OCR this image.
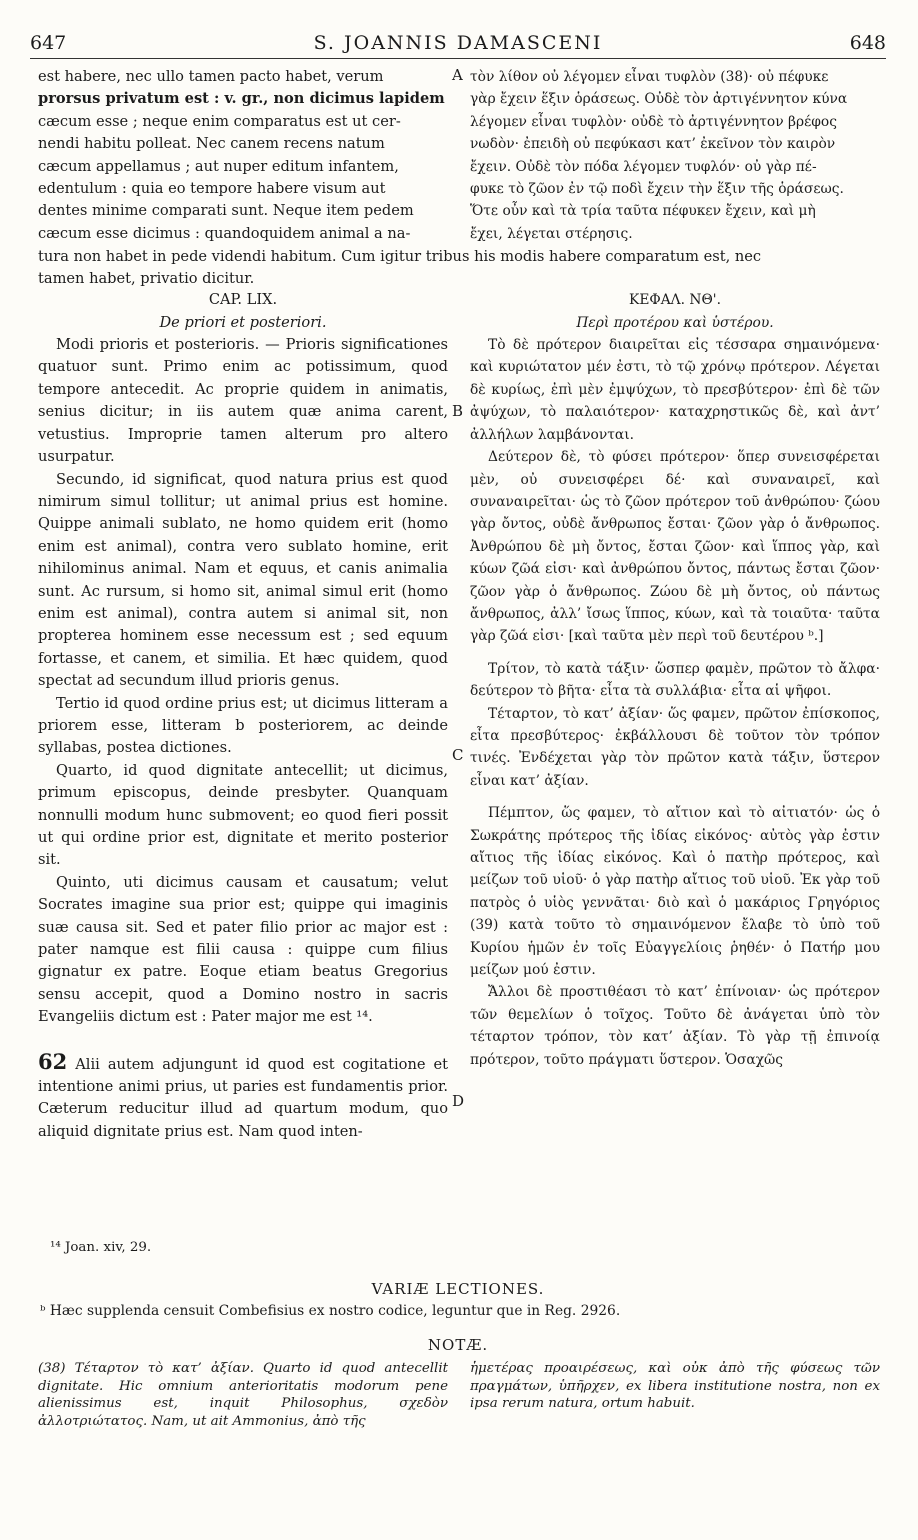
647	S. JOANNIS DAMASCENI	648

est habere, nec ullo tamen pacto habet, verum

prorsus privatum est : v. gr., non dicimus lapidem

cæcum esse ; neque enim comparatus est ut cer-

nendi habitu polleat. Nec canem recens natum

cæcum appellamus ; aut nuper editum infantem,

edentulum : quia eo tempore habere visum aut

dentes minime comparati sunt. Neque item pedem

cæcum esse dicimus : quandoquidem animal a na-

CAP. LIX.

De priori et posteriori.

Modi prioris et posterioris. — Prioris significationes quatuor sunt. Primo enim ac potissimum, quod tempore antecedit. Ac proprie quidem in animatis, senius dicitur; in iis autem quæ anima carent, vetustius. Improprie tamen alterum pro altero usurpatur.

Secundo, id significat, quod natura prius est quod nimirum simul tollitur; ut animal prius est homine. Quippe animali sublato, ne homo quidem erit (homo enim est animal), contra vero sublato homine, erit nihilominus animal. Nam et equus, et canis animalia sunt. Ac rursum, si homo sit, animal simul erit (homo enim est animal), contra autem si animal sit, non propterea hominem esse necessum est ; sed equum fortasse, et canem, et similia. Et hæc quidem, quod spectat ad secundum illud prioris genus.

Tertio id quod ordine prius est; ut dicimus litteram a priorem esse, litteram b posteriorem, ac deinde syllabas, postea dictiones.

Quarto, id quod dignitate antecellit; ut dicimus, primum episcopus, deinde presbyter. Quanquam nonnulli modum hunc submovent; eo quod fieri possit ut qui ordine prior est, dignitate et merito posterior sit.

Quinto, uti dicimus causam et causatum; velut Socrates imagine sua prior est; quippe qui imaginis suæ causa sit. Sed et pater filio prior ac major est : pater namque est filii causa : quippe cum filius gignatur ex patre. Eoque etiam beatus Gregorius sensu accepit, quod a Domino nostro in sacris Evangeliis dictum est : Pater major me est ¹⁴.

62 Alii autem adjungunt id quod est cogitatione et intentione animi prius, ut paries est fundamentis prior. Cæterum reducitur illud ad quartum modum, quo aliquid dignitate prius est. Nam quod inten-

τὸν λίθον οὐ λέγομεν εἶναι τυφλὸν (38)· οὐ πέφυκε

γὰρ ἔχειν ἕξιν ὁράσεως. Οὐδὲ τὸν ἀρτιγέννητον κύνα

λέγομεν εἶναι τυφλὸν· οὐδὲ τὸ ἀρτιγέννητον βρέφος

νωδὸν· ἐπειδὴ οὐ πεφύκασι κατ’ ἐκεῖνον τὸν καιρὸν

ἔχειν. Οὐδὲ τὸν πόδα λέγομεν τυφλόν· οὐ γὰρ πέ-

φυκε τὸ ζῶον ἐν τῷ ποδὶ ἔχειν τὴν ἕξιν τῆς ὁράσεως.

Ὅτε οὖν καὶ τὰ τρία ταῦτα πέφυκεν ἔχειν, καὶ μὴ

ἔχει, λέγεται στέρησις.

ΚΕΦΑΛ. ΝΘ'.

Περὶ προτέρου καὶ ὑστέρου.

Τὸ δὲ πρότερον διαιρεῖται εἰς τέσσαρα σημαινόμενα· καὶ κυριώτατον μέν ἐστι, τὸ τῷ χρόνῳ πρότερον. Λέγεται δὲ κυρίως, ἐπὶ μὲν ἐμψύχων, τὸ πρεσβύτερον· ἐπὶ δὲ τῶν ἀψύχων, τὸ παλαιότερον· καταχρηστικῶς δὲ, καὶ ἀντ’ ἀλλήλων λαμβάνονται.

Δεύτερον δὲ, τὸ φύσει πρότερον· ὅπερ συνεισφέρεται μὲν, οὐ συνεισφέρει δέ· καὶ συναναιρεῖ, καὶ συναναιρεῖται· ὡς τὸ ζῶον πρότερον τοῦ ἀνθρώπου· ζώου γὰρ ὄντος, οὐδὲ ἄνθρωπος ἔσται· ζῶον γὰρ ὁ ἄνθρωπος. Ἀνθρώπου δὲ μὴ ὄντος, ἔσται ζῶον· καὶ ἵππος γὰρ, καὶ κύων ζῶά εἰσι· καὶ ἀνθρώπου ὄντος, πάντως ἔσται ζῶον· ζῶον γὰρ ὁ ἄνθρωπος. Ζώου δὲ μὴ ὄντος, οὐ πάντως ἄνθρωπος, ἀλλ’ ἴσως ἵππος, κύων, καὶ τὰ τοιαῦτα· ταῦτα γὰρ ζῶά εἰσι· [καὶ ταῦτα μὲν περὶ τοῦ δευτέρου ᵇ.]

Τρίτον, τὸ κατὰ τάξιν· ὥσπερ φαμὲν, πρῶτον τὸ ἄλφα· δεύτερον τὸ βῆτα· εἶτα τὰ συλλάβια· εἶτα αἱ ψῆφοι.

Τέταρτον, τὸ κατ’ ἀξίαν· ὥς φαμεν, πρῶτον ἐπίσκοπος, εἶτα πρεσβύτερος· ἐκβάλλουσι δὲ τοῦτον τὸν τρόπον τινές. Ἐνδέχεται γὰρ τὸν πρῶτον κατὰ τάξιν, ὕστερον εἶναι κατ’ ἀξίαν.

Πέμπτον, ὥς φαμεν, τὸ αἴτιον καὶ τὸ αἰτιατόν· ὡς ὁ Σωκράτης πρότερος τῆς ἰδίας εἰκόνος· αὐτὸς γὰρ ἐστιν αἴτιος τῆς ἰδίας εἰκόνος. Καὶ ὁ πατὴρ πρότερος, καὶ μείζων τοῦ υἱοῦ· ὁ γὰρ πατὴρ αἴτιος τοῦ υἱοῦ. Ἐκ γὰρ τοῦ πατρὸς ὁ υἱὸς γεννᾶται· διὸ καὶ ὁ μακάριος Γρηγόριος (39) κατὰ τοῦτο τὸ σημαινόμενον ἔλαβε τὸ ὑπὸ τοῦ Κυρίου ἡμῶν ἐν τοῖς Εὐαγγελίοις ῥηθέν· ὁ Πατήρ μου μείζων μού ἐστιν.

Ἄλλοι δὲ προστιθέασι τὸ κατ’ ἐπίνοιαν· ὡς πρότερον τῶν θεμελίων ὁ τοῖχος. Τοῦτο δὲ ἀνάγεται ὑπὸ τὸν τέταρτον τρόπον, τὸν κατ’ ἀξίαν. Τὸ γὰρ τῇ ἐπινοίᾳ πρότερον, τοῦτο πράγματι ὕστερον. Ὁσαχῶς

tura non habet in pede videndi habitum. Cum igitur tribus his modis habere comparatum est, nec
tamen habet, privatio dicitur.
A
B
C
D
¹⁴ Joan. xiv, 29.
VARIÆ LECTIONES.
ᵇ Hæc supplenda censuit Combefisius ex nostro codice, leguntur que in Reg. 2926.
NOTÆ.
(38) Τέταρτον τὸ κατ’ ἀξίαν. Quarto id quod antecellit dignitate. Hic omnium anterioritatis modorum pene alienissimus est, inquit Philosophus, σχεδὸν ἀλλοτριώτατος. Nam, ut ait Ammonius, ἀπὸ τῆς
ἡμετέρας προαιρέσεως, καὶ οὐκ ἀπὸ τῆς φύσεως τῶν πραγμάτων, ὑπῆρχεν, ex libera institutione nostra, non ex ipsa rerum natura, ortum habuit.
